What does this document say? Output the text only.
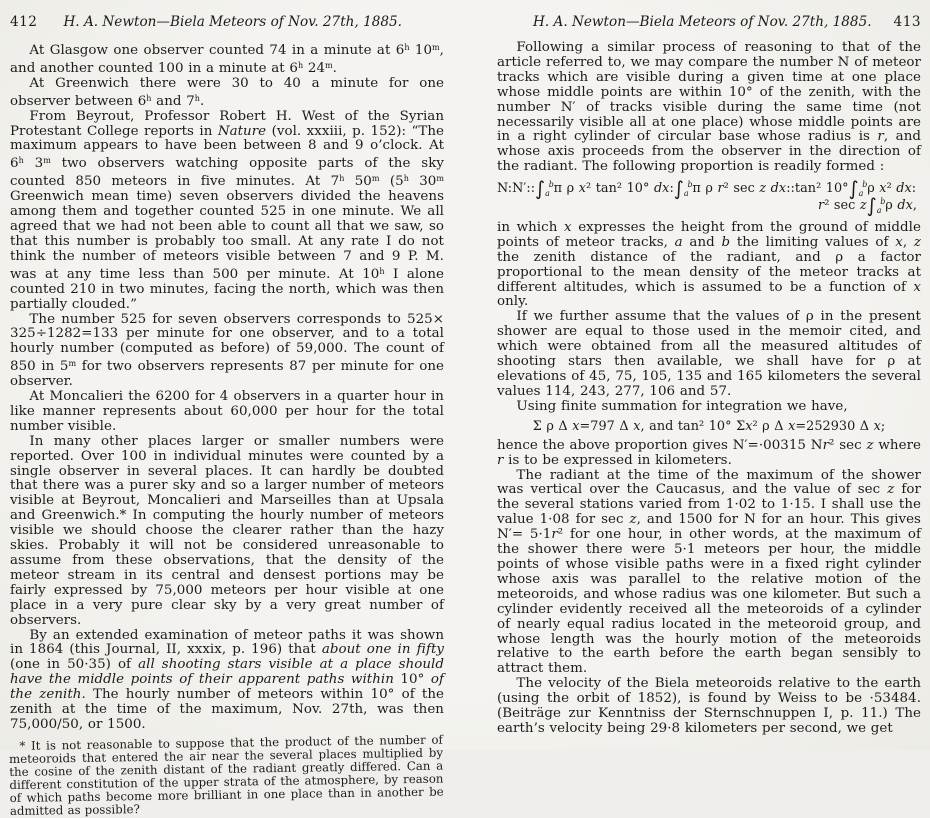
412 H. A. Newton—Biela Meteors of Nov. 27th, 1885.

At Glasgow one observer counted 74 in a minute at 6$^h$ 10$^m$, and another counted 100 in a minute at 6$^h$ 24$^m$.

At Greenwich there were 30 to 40 a minute for one observer between 6$^h$ and 7$^h$.

From Beyrout, Professor Robert H. West of the Syrian Protestant College reports in Nature (vol. xxxiii, p. 152): “The maximum appears to have been between 8 and 9 o’clock. At 6$^h$ 3$^m$ two observers watching opposite parts of the sky counted 850 meteors in five minutes. At 7$^h$ 50$^m$ (5$^h$ 30$^m$ Greenwich mean time) seven observers divided the heavens among them and together counted 525 in one minute. We all agreed that we had not been able to count all that we saw, so that this number is probably too small. At any rate I do not think the number of meteors visible between 7 and 9 P. M. was at any time less than 500 per minute. At 10$^h$ I alone counted 210 in two minutes, facing the north, which was then partially clouded.”

The number 525 for seven observers corresponds to 525× 325÷1282=133 per minute for one observer, and to a total hourly number (computed as before) of 59,000. The count of 850 in 5$^m$ for two observers represents 87 per minute for one observer.

At Moncalieri the 6200 for 4 observers in a quarter hour in like manner represents about 60,000 per hour for the total number visible.

In many other places larger or smaller numbers were reported. Over 100 in individual minutes were counted by a single observer in several places. It can hardly be doubted that there was a purer sky and so a larger number of meteors visible at Beyrout, Moncalieri and Marseilles than at Upsala and Greenwich.* In computing the hourly number of meteors visible we should choose the clearer rather than the hazy skies. Probably it will not be considered unreasonable to assume from these observations, that the density of the meteor stream in its central and densest portions may be fairly expressed by 75,000 meteors per hour visible at one place in a very pure clear sky by a very great number of observers.

By an extended examination of meteor paths it was shown in 1864 (this Journal, II, xxxix, p. 196) that about one in fifty (one in 50·35) of all shooting stars visible at a place should have the middle points of their apparent paths within 10° of the zenith. The hourly number of meteors within 10° of the zenith at the time of the maximum, Nov. 27th, was then 75,000/50, or 1500.

* It is not reasonable to suppose that the product of the number of meteoroids that entered the air near the several places multiplied by the cosine of the zenith distant of the radiant greatly differed. Can a different constitution of the upper strata of the atmosphere, by reason of which paths become more brilliant in one place than in another be admitted as possible?

H. A. Newton—Biela Meteors of Nov. 27th, 1885. 413

Following a similar process of reasoning to that of the article referred to, we may compare the number N of meteor tracks which are visible during a given time at one place whose middle points are within 10° of the zenith, with the number N′ of tracks visible during the same time (not necessarily visible all at one place) whose middle points are in a right cylinder of circular base whose radius is r, and whose axis proceeds from the observer in the direction of the radiant. The following proportion is readily formed :

N:N′::∫ b
a π ρ x² tan² 10° dx:∫ b
a π ρ r² sec z dx::tan² 10°∫ b
a ρ x² dx:

r² sec z∫ b
a ρ dx,

in which x expresses the height from the ground of middle points of meteor tracks, a and b the limiting values of x, z the zenith distance of the radiant, and ρ a factor proportional to the mean density of the meteor tracks at different altitudes, which is assumed to be a function of x only.

If we further assume that the values of ρ in the present shower are equal to those used in the memoir cited, and which were obtained from all the measured altitudes of shooting stars then available, we shall have for ρ at elevations of 45, 75, 105, 135 and 165 kilometers the several values 114, 243, 277, 106 and 57.

Using finite summation for integration we have,

Σ ρ Δ x=797 Δ x, and tan² 10° Σx² ρ Δ x=252930 Δ x;

hence the above proportion gives N′=·00315 Nr² sec z where r is to be expressed in kilometers.

The radiant at the time of the maximum of the shower was vertical over the Caucasus, and the value of sec z for the several stations varied from 1·02 to 1·15. I shall use the value 1·08 for sec z, and 1500 for N for an hour. This gives N′= 5·1r² for one hour, in other words, at the maximum of the shower there were 5·1 meteors per hour, the middle points of whose visible paths were in a fixed right cylinder whose axis was parallel to the relative motion of the meteoroids, and whose radius was one kilometer. But such a cylinder evidently received all the meteoroids of a cylinder of nearly equal radius located in the meteoroid group, and whose length was the hourly motion of the meteoroids relative to the earth before the earth began sensibly to attract them.

The velocity of the Biela meteoroids relative to the earth (using the orbit of 1852), is found by Weiss to be ·53484. (Beiträge zur Kenntniss der Sternschnuppen I, p. 11.) The earth’s velocity being 29·8 kilometers per second, we get
